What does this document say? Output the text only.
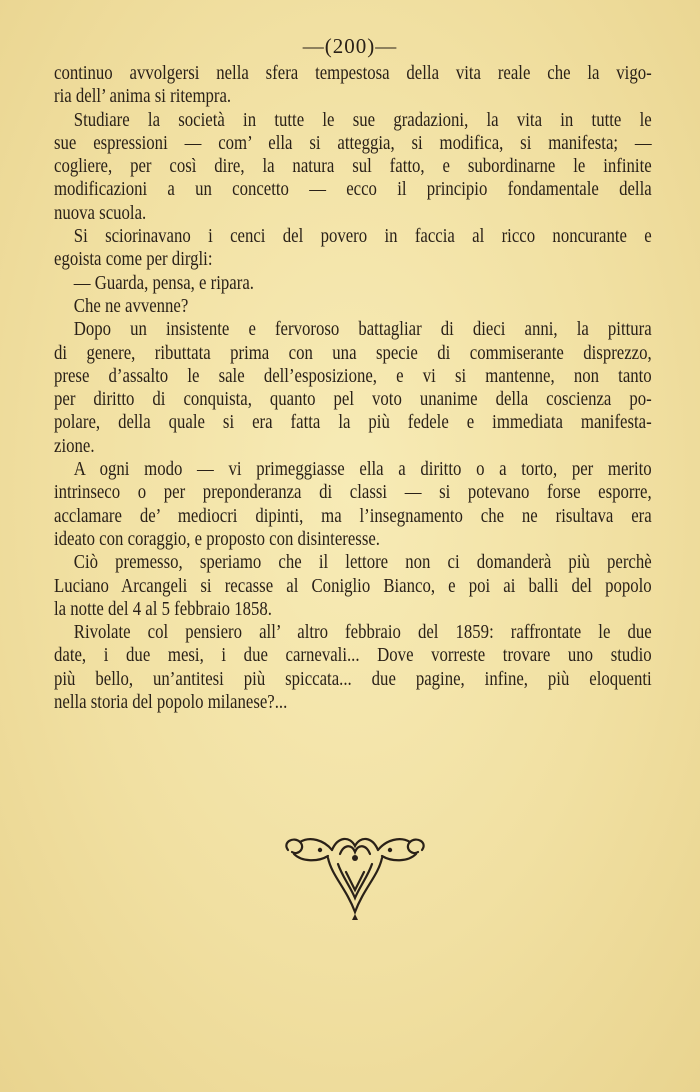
—(200)—
continuo avvolgersi nella sfera tempestosa della vita reale che la vigo-
ria dell’ anima si ritempra.
Studiare la società in tutte le sue gradazioni, la vita in tutte le
sue espressioni — com’ ella si atteggia, si modifica, si manifesta; —
cogliere, per così dire, la natura sul fatto, e subordinarne le infinite
modificazioni a un concetto — ecco il principio fondamentale della
nuova scuola.
Si sciorinavano i cenci del povero in faccia al ricco noncurante e
egoista come per dirgli:
— Guarda, pensa, e ripara.
Che ne avvenne?
Dopo un insistente e fervoroso battagliar di dieci anni, la pittura
di genere, ributtata prima con una specie di commiserante disprezzo,
prese d’assalto le sale dell’esposizione, e vi si mantenne, non tanto
per diritto di conquista, quanto pel voto unanime della coscienza po-
polare, della quale si era fatta la più fedele e immediata manifesta-
zione.
A ogni modo — vi primeggiasse ella a diritto o a torto, per merito
intrinseco o per preponderanza di classi — si potevano forse esporre,
acclamare de’ mediocri dipinti, ma l’insegnamento che ne risultava era
ideato con coraggio, e proposto con disinteresse.
Ciò premesso, speriamo che il lettore non ci domanderà più perchè
Luciano Arcangeli si recasse al Coniglio Bianco, e poi ai balli del popolo
la notte del 4 al 5 febbraio 1858.
Rivolate col pensiero all’ altro febbraio del 1859: raffrontate le due
date, i due mesi, i due carnevali... Dove vorreste trovare uno studio
più bello, un’antitesi più spiccata... due pagine, infine, più eloquenti
nella storia del popolo milanese?...
